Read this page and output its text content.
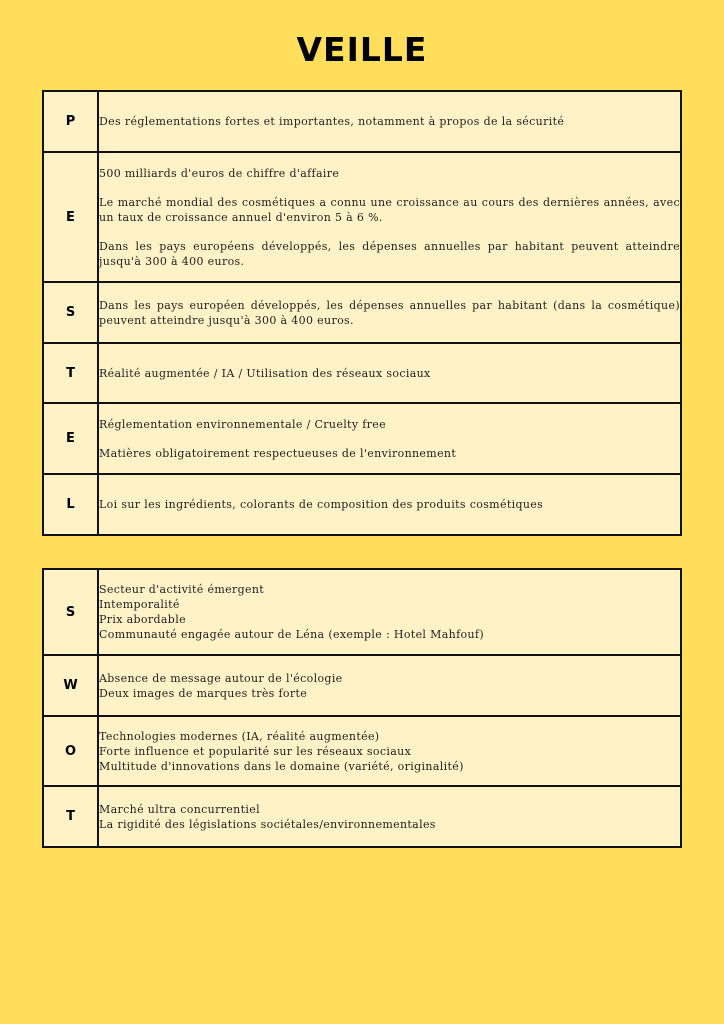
VEILLE
P	Des réglementations fortes et importantes, notamment à propos de la sécurité

E	500 milliards d'euros de chiffre d'affaire

Le marché mondial des cosmétiques a connu une croissance au cours des dernières années, avec un taux de croissance annuel d'environ 5 à 6 %.

Dans les pays européens développés, les dépenses annuelles par habitant peuvent atteindre jusqu'à 300 à 400 euros.

S	Dans les pays européen développés, les dépenses annuelles par habitant (dans la cosmétique) peuvent atteindre jusqu'à 300 à 400 euros.

T	Réalité augmentée / IA / Utilisation des réseaux sociaux

E	Réglementation environnementale / Cruelty free

Matières obligatoirement respectueuses de l'environnement

L	Loi sur les ingrédients, colorants de composition des produits cosmétiques

S	Secteur d'activité émergent
Intemporalité
Prix abordable
Communauté engagée autour de Léna (exemple : Hotel Mahfouf)

W	Absence de message autour de l'écologie
Deux images de marques très forte

O	Technologies modernes (IA, réalité augmentée)
Forte influence et popularité sur les réseaux sociaux
Multitude d'innovations dans le domaine (variété, originalité)

T	Marché ultra concurrentiel
La rigidité des législations sociétales/environnementales
